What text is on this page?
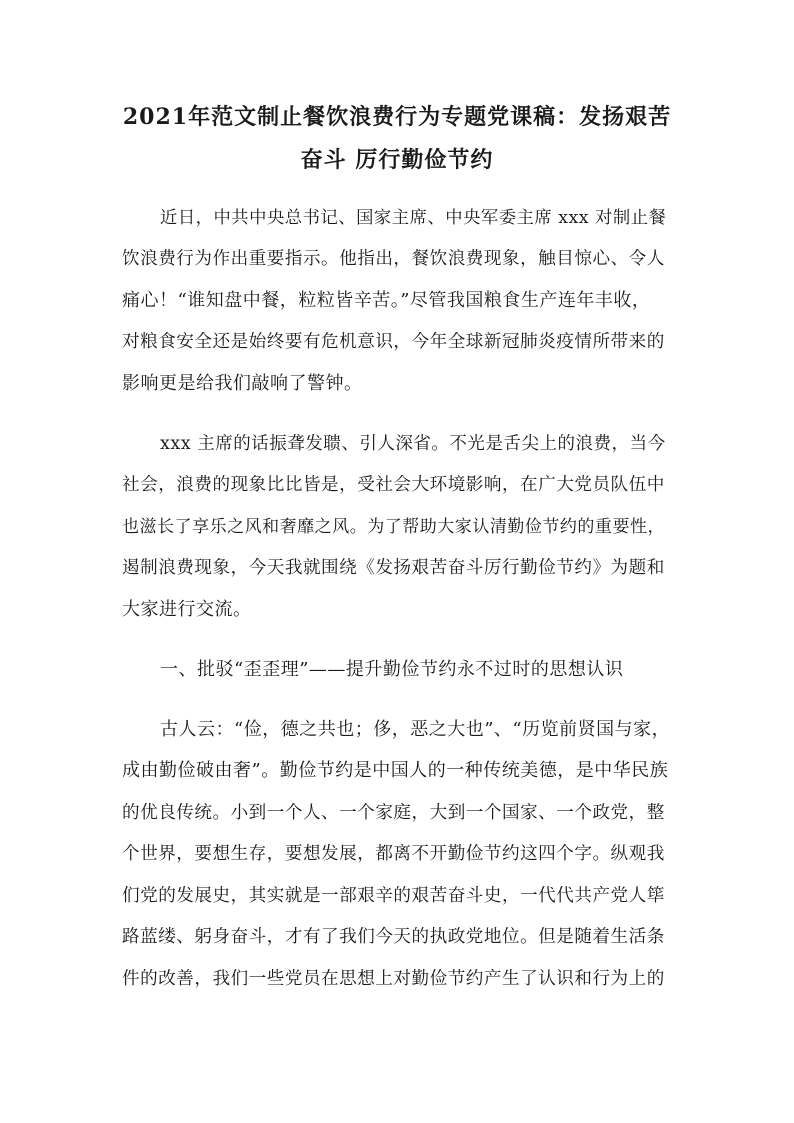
2021年范文制止餐饮浪费行为专题党课稿：发扬艰苦
奋斗 厉行勤俭节约
近日，中共中央总书记、国家主席、中央军委主席 xxx 对制止餐
饮浪费行为作出重要指示。他指出，餐饮浪费现象，触目惊心、令人
痛心！“谁知盘中餐，粒粒皆辛苦。”尽管我国粮食生产连年丰收，
对粮食安全还是始终要有危机意识，今年全球新冠肺炎疫情所带来的
影响更是给我们敲响了警钟。
xxx 主席的话振聋发聩、引人深省。不光是舌尖上的浪费，当今
社会，浪费的现象比比皆是，受社会大环境影响，在广大党员队伍中
也滋长了享乐之风和奢靡之风。为了帮助大家认清勤俭节约的重要性，
遏制浪费现象，今天我就围绕《发扬艰苦奋斗厉行勤俭节约》为题和
大家进行交流。
一、批驳“歪歪理”——提升勤俭节约永不过时的思想认识
古人云：“俭，德之共也；侈，恶之大也”、“历览前贤国与家，
成由勤俭破由奢”。勤俭节约是中国人的一种传统美德，是中华民族
的优良传统。小到一个人、一个家庭，大到一个国家、一个政党，整
个世界，要想生存，要想发展，都离不开勤俭节约这四个字。纵观我
们党的发展史，其实就是一部艰辛的艰苦奋斗史，一代代共产党人筚
路蓝缕、躬身奋斗，才有了我们今天的执政党地位。但是随着生活条
件的改善，我们一些党员在思想上对勤俭节约产生了认识和行为上的
